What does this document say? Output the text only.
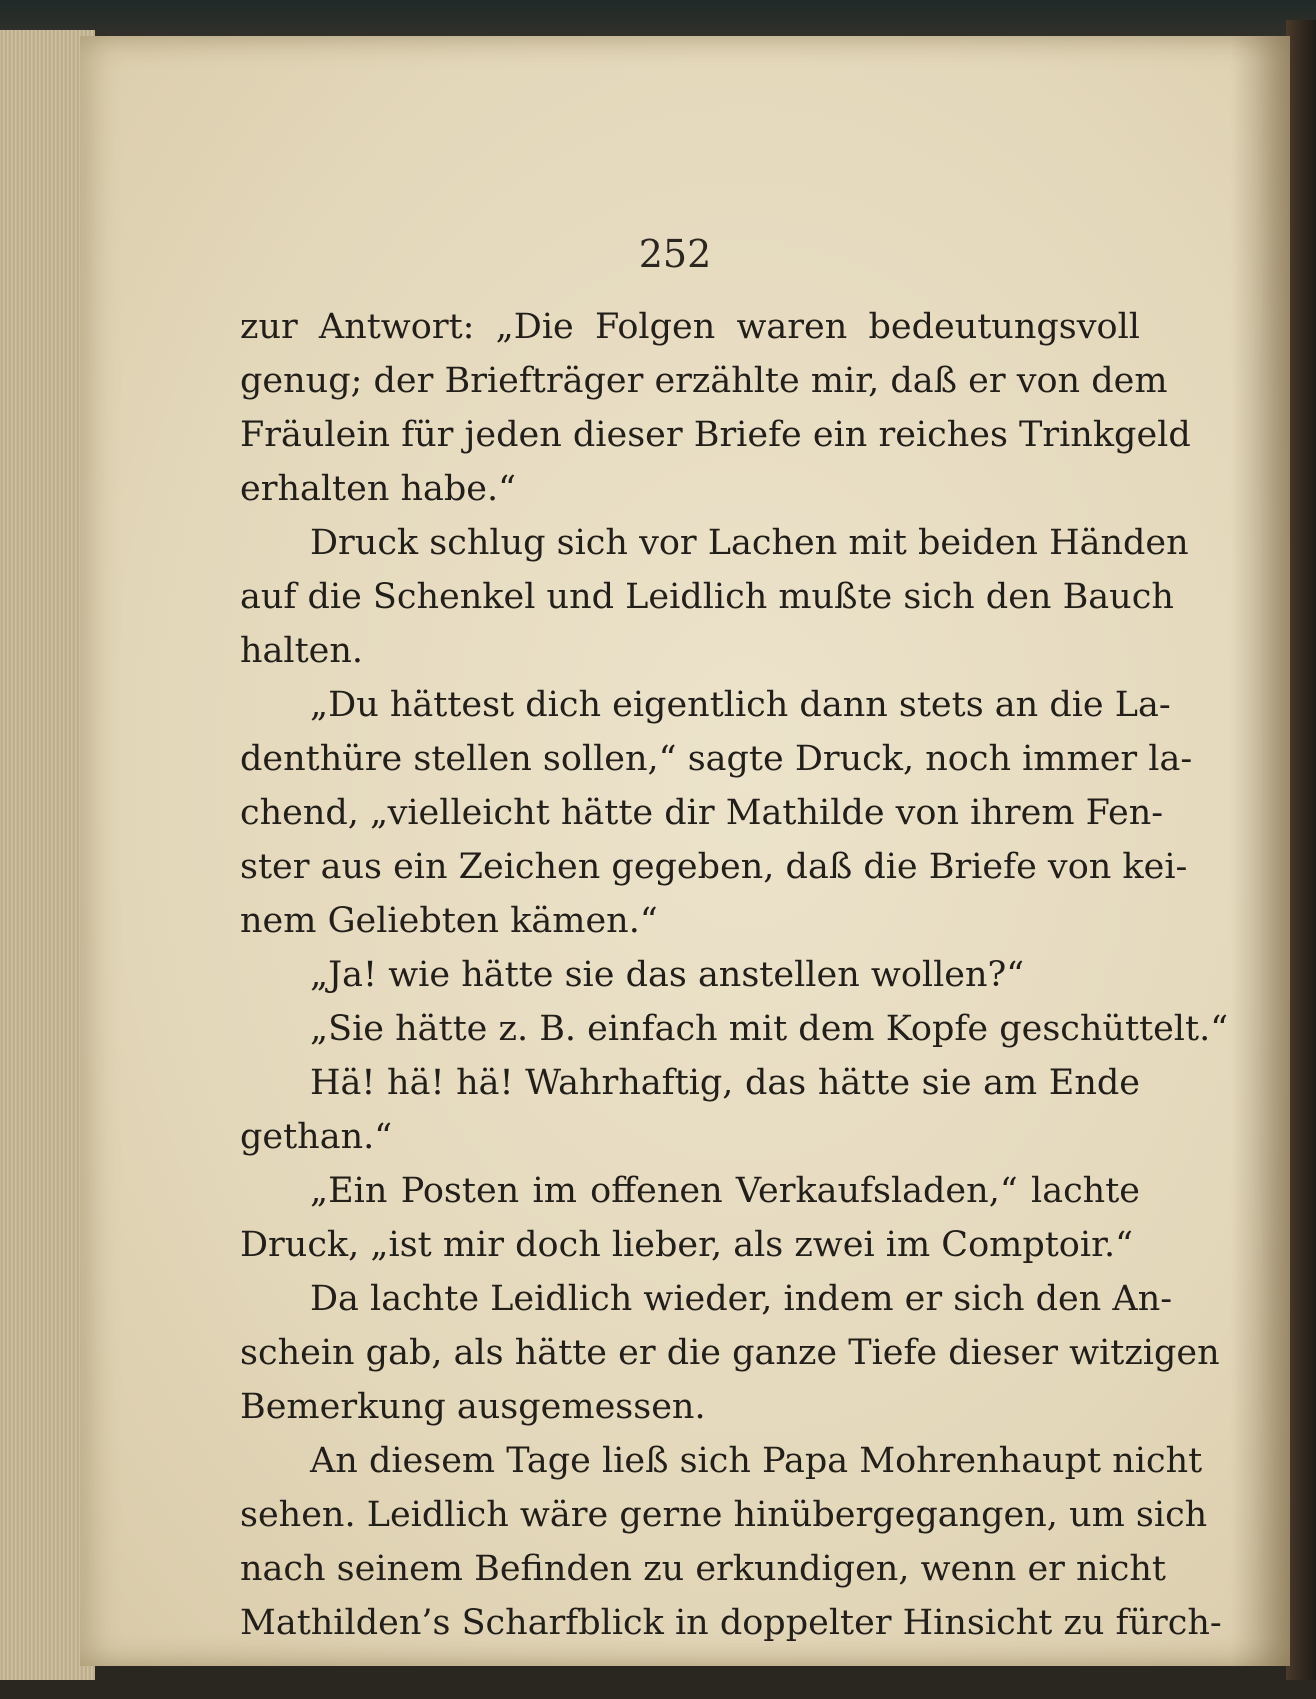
252
zur Antwort: „Die Folgen waren bedeutungsvoll
genug; der Briefträger erzählte mir, daß er von dem
Fräulein für jeden dieser Briefe ein reiches Trinkgeld
erhalten habe.“
Druck schlug sich vor Lachen mit beiden Händen
auf die Schenkel und Leidlich mußte sich den Bauch
halten.
„Du hättest dich eigentlich dann stets an die La-
denthüre stellen sollen,“ sagte Druck, noch immer la-
chend, „vielleicht hätte dir Mathilde von ihrem Fen-
ster aus ein Zeichen gegeben, daß die Briefe von kei-
nem Geliebten kämen.“
„Ja! wie hätte sie das anstellen wollen?“
„Sie hätte z. B. einfach mit dem Kopfe geschüttelt.“
Hä! hä! hä! Wahrhaftig, das hätte sie am Ende
gethan.“
„Ein Posten im offenen Verkaufsladen,“ lachte
Druck, „ist mir doch lieber, als zwei im Comptoir.“
Da lachte Leidlich wieder, indem er sich den An-
schein gab, als hätte er die ganze Tiefe dieser witzigen
Bemerkung ausgemessen.
An diesem Tage ließ sich Papa Mohrenhaupt nicht
sehen. Leidlich wäre gerne hinübergegangen, um sich
nach seinem Befinden zu erkundigen, wenn er nicht
Mathilden’s Scharfblick in doppelter Hinsicht zu fürch-
